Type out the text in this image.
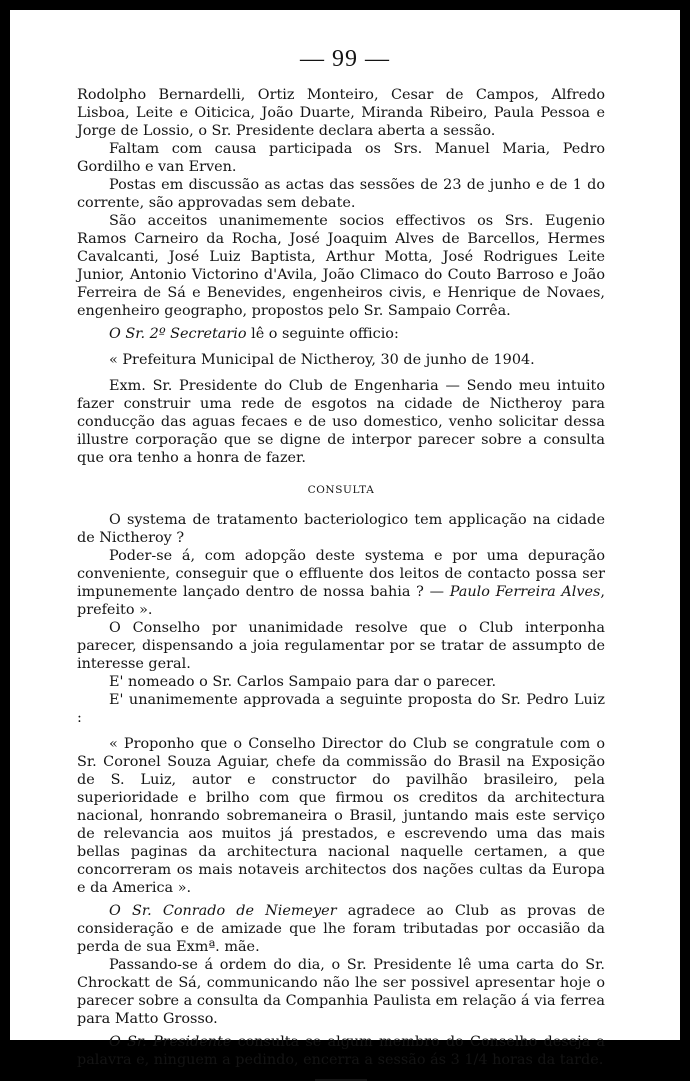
— 99 —

Rodolpho Bernardelli, Ortiz Monteiro, Cesar de Campos, Alfredo Lisboa, Leite e Oiticica, João Duarte, Miranda Ribeiro, Paula Pessoa e Jorge de Lossio, o Sr. Presidente declara aberta a sessão.

Faltam com causa participada os Srs. Manuel Maria, Pedro Gordilho e van Erven.

Postas em discussão as actas das sessões de 23 de junho e de 1 do corrente, são approvadas sem debate.

São acceitos unanimemente socios effectivos os Srs. Eugenio Ramos Carneiro da Rocha, José Joaquim Alves de Barcellos, Hermes Cavalcanti, José Luiz Baptista, Arthur Motta, José Rodrigues Leite Junior, Antonio Victorino d'Avila, João Climaco do Couto Barroso e João Ferreira de Sá e Benevides, engenheiros civis, e Henrique de Novaes, engenheiro geographo, propostos pelo Sr. Sampaio Corrêa.

O Sr. 2º Secretario lê o seguinte officio:

« Prefeitura Municipal de Nictheroy, 30 de junho de 1904.

Exm. Sr. Presidente do Club de Engenharia — Sendo meu intuito fazer construir uma rede de esgotos na cidade de Nictheroy para conducção das aguas fecaes e de uso domestico, venho solicitar dessa illustre corporação que se digne de interpor parecer sobre a consulta que ora tenho a honra de fazer.

CONSULTA

O systema de tratamento bacteriologico tem applicação na cidade de Nictheroy ?

Poder-se á, com adopção deste systema e por uma depuração conveniente, conseguir que o effluente dos leitos de contacto possa ser impunemente lançado dentro de nossa bahia ? — Paulo Ferreira Alves, prefeito ».

O Conselho por unanimidade resolve que o Club interponha parecer, dispensando a joia regulamentar por se tratar de assumpto de interesse geral.

E' nomeado o Sr. Carlos Sampaio para dar o parecer.

E' unanimemente approvada a seguinte proposta do Sr. Pedro Luiz :

« Proponho que o Conselho Director do Club se congratule com o Sr. Coronel Souza Aguiar, chefe da commissão do Brasil na Exposição de S. Luiz, autor e constructor do pavilhão brasileiro, pela superioridade e brilho com que firmou os creditos da architectura nacional, honrando sobremaneira o Brasil, juntando mais este serviço de relevancia aos muitos já prestados, e escrevendo uma das mais bellas paginas da architectura nacional naquelle certamen, a que concorreram os mais notaveis architectos dos nações cultas da Europa e da America ».

O Sr. Conrado de Niemeyer agradece ao Club as provas de consideração e de amizade que lhe foram tributadas por occasião da perda de sua Exmª. mãe.

Passando-se á ordem do dia, o Sr. Presidente lê uma carta do Sr. Chrockatt de Sá, communicando não lhe ser possivel apresentar hoje o parecer sobre a consulta da Companhia Paulista em relação á via ferrea para Matto Grosso.

O Sr. Presidente consulta se algum membro do Conselho deseja a palavra e, ninguem a pedindo, encerra a sessão ás 3 1/4 horas da tarde.
